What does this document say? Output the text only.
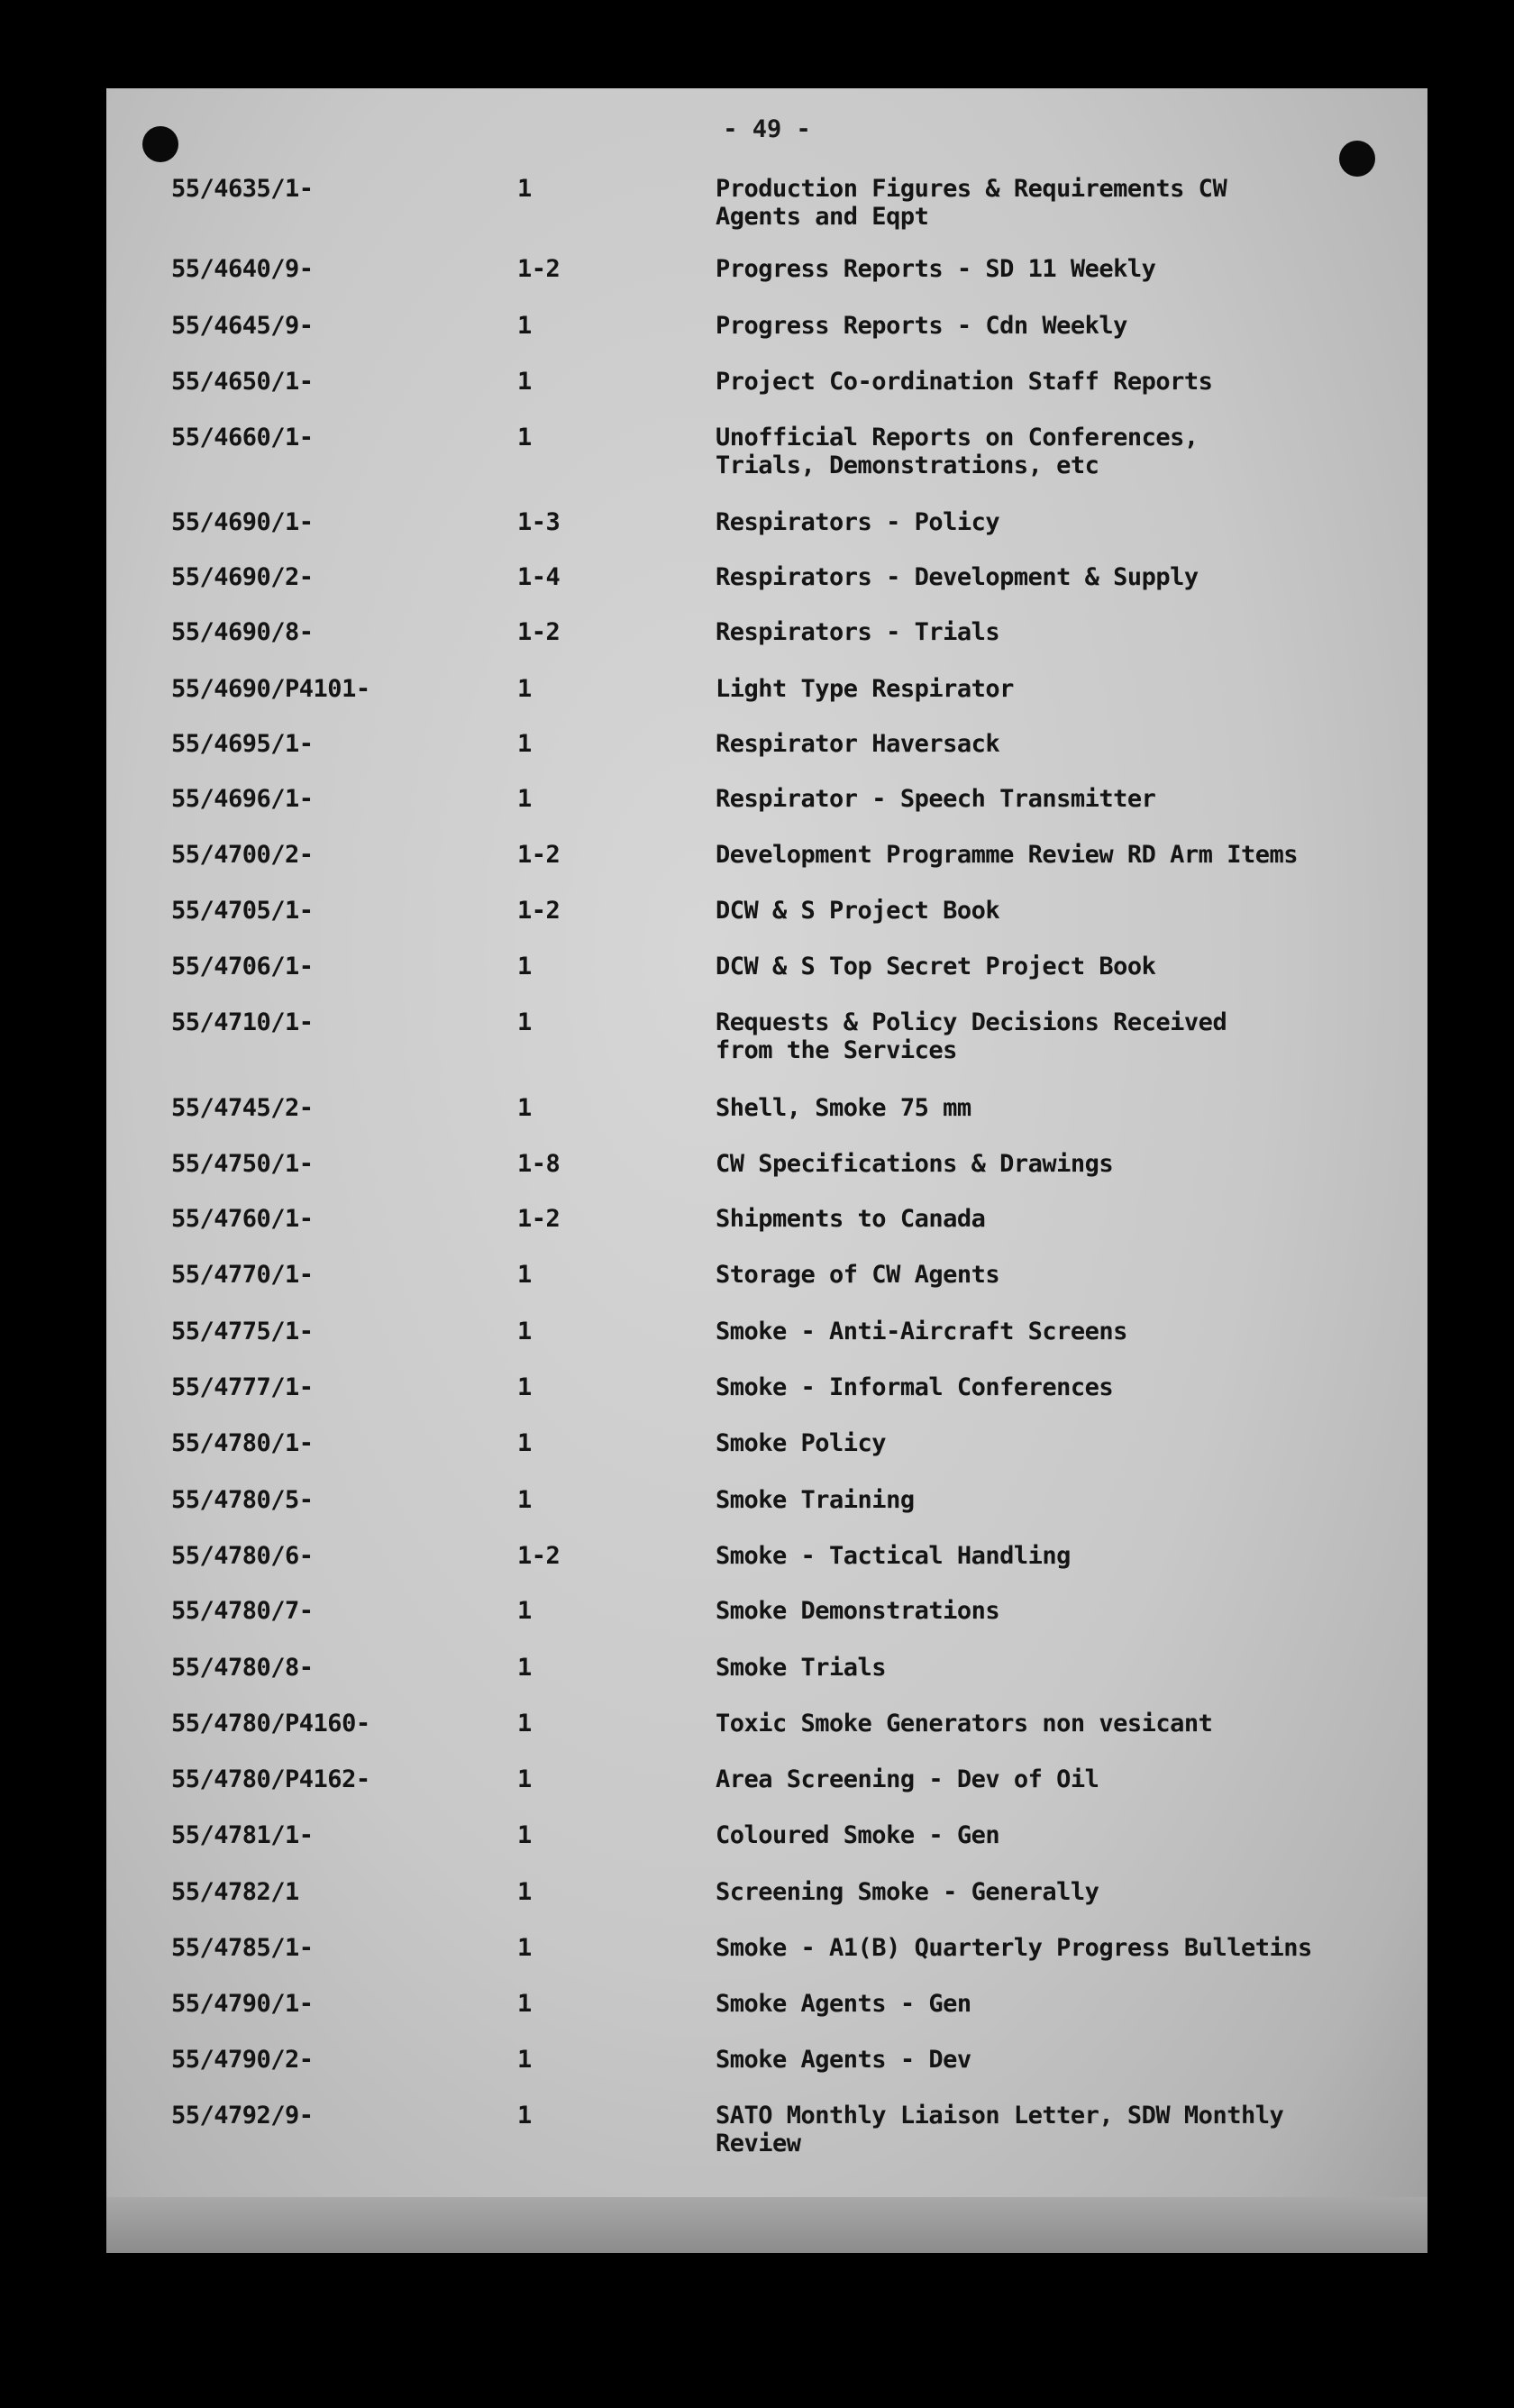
- 49 -
55/4635/1-	1	Production Figures & Requirements CW
Agents and Eqpt
55/4640/9-	1-2	Progress Reports - SD 11 Weekly
55/4645/9-	1	Progress Reports - Cdn Weekly
55/4650/1-	1	Project Co-ordination Staff Reports
55/4660/1-	1	Unofficial Reports on Conferences,
Trials, Demonstrations, etc
55/4690/1-	1-3	Respirators - Policy
55/4690/2-	1-4	Respirators - Development & Supply
55/4690/8-	1-2	Respirators - Trials
55/4690/P4101-	1	Light Type Respirator
55/4695/1-	1	Respirator Haversack
55/4696/1-	1	Respirator - Speech Transmitter
55/4700/2-	1-2	Development Programme Review RD Arm Items
55/4705/1-	1-2	DCW & S Project Book
55/4706/1-	1	DCW & S Top Secret Project Book
55/4710/1-	1	Requests & Policy Decisions Received
from the Services
55/4745/2-	1	Shell, Smoke 75 mm
55/4750/1-	1-8	CW Specifications & Drawings
55/4760/1-	1-2	Shipments to Canada
55/4770/1-	1	Storage of CW Agents
55/4775/1-	1	Smoke - Anti-Aircraft Screens
55/4777/1-	1	Smoke - Informal Conferences
55/4780/1-	1	Smoke Policy
55/4780/5-	1	Smoke Training
55/4780/6-	1-2	Smoke - Tactical Handling
55/4780/7-	1	Smoke Demonstrations
55/4780/8-	1	Smoke Trials
55/4780/P4160-	1	Toxic Smoke Generators non vesicant
55/4780/P4162-	1	Area Screening - Dev of Oil
55/4781/1-	1	Coloured Smoke - Gen
55/4782/1	1	Screening Smoke - Generally
55/4785/1-	1	Smoke - A1(B) Quarterly Progress Bulletins
55/4790/1-	1	Smoke Agents - Gen
55/4790/2-	1	Smoke Agents - Dev
55/4792/9-	1	SATO Monthly Liaison Letter, SDW Monthly
Review
